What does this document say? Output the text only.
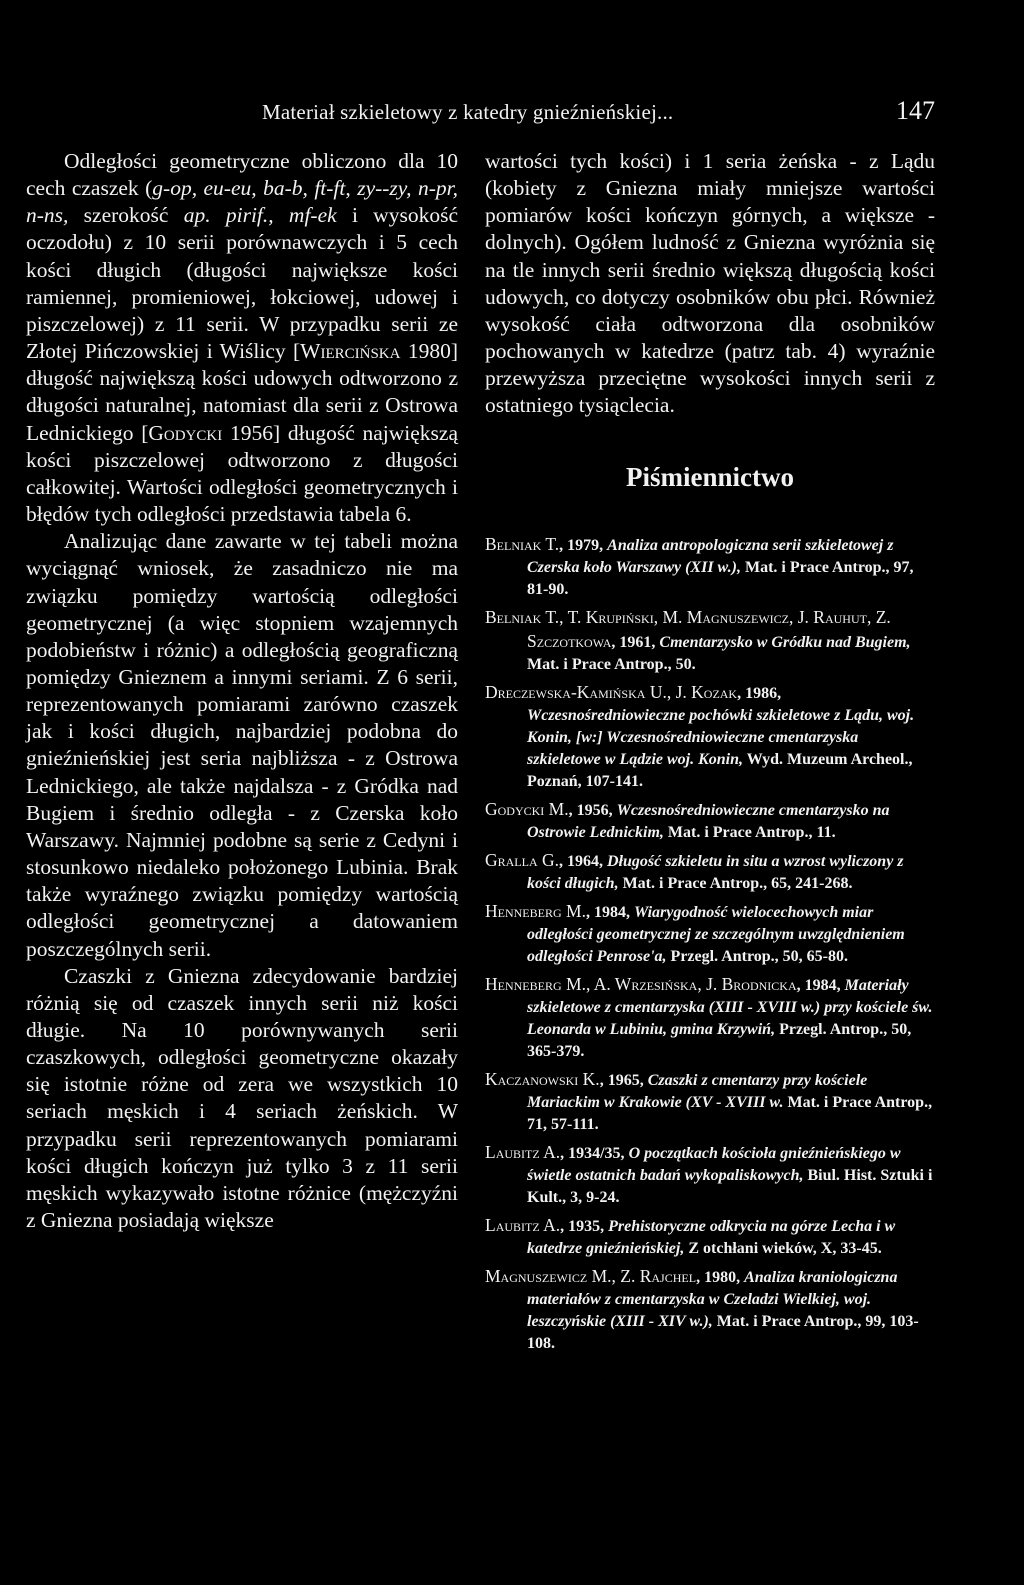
Materiał szkieletowy z katedry gnieźnieńskiej...	147

Odległości geometryczne obliczono dla 10 cech czaszek (g-op, eu-eu, ba-b, ft-ft, zy--zy, n-pr, n-ns, szerokość ap. pirif., mf-ek i wysokość oczodołu) z 10 serii porównawczych i 5 cech kości długich (długości największe kości ramiennej, promieniowej, łokciowej, udowej i piszczelowej) z 11 serii. W przypadku serii ze Złotej Pińczowskiej i Wiślicy [Wiercińska 1980] długość największą kości udowych odtworzono z długości naturalnej, natomiast dla serii z Ostrowa Lednickiego [Godycki 1956] długość największą kości piszczelowej odtworzono z długości całkowitej. Wartości odległości geometrycznych i błędów tych odległości przedstawia tabela 6.

Analizując dane zawarte w tej tabeli można wyciągnąć wniosek, że zasadniczo nie ma związku pomiędzy wartością odległości geometrycznej (a więc stopniem wzajemnych podobieństw i różnic) a odległością geograficzną pomiędzy Gnieznem a innymi seriami. Z 6 serii, reprezentowanych pomiarami zarówno czaszek jak i kości długich, najbardziej podobna do gnieźnieńskiej jest seria najbliższa - z Ostrowa Lednickiego, ale także najdalsza - z Gródka nad Bugiem i średnio odległa - z Czerska koło Warszawy. Najmniej podobne są serie z Cedyni i stosunkowo niedaleko położonego Lubinia. Brak także wyraźnego związku pomiędzy wartością odległości geometrycznej a datowaniem poszczególnych serii.

Czaszki z Gniezna zdecydowanie bardziej różnią się od czaszek innych serii niż kości długie. Na 10 porównywanych serii czaszkowych, odległości geometryczne okazały się istotnie różne od zera we wszystkich 10 seriach męskich i 4 seriach żeńskich. W przypadku serii reprezentowanych pomiarami kości długich kończyn już tylko 3 z 11 serii męskich wykazywało istotne różnice (mężczyźni z Gniezna posiadają większe

wartości tych kości) i 1 seria żeńska - z Lądu (kobiety z Gniezna miały mniejsze wartości pomiarów kości kończyn górnych, a większe - dolnych). Ogółem ludność z Gniezna wyróżnia się na tle innych serii średnio większą długością kości udowych, co dotyczy osobników obu płci. Również wysokość ciała odtworzona dla osobników pochowanych w katedrze (patrz tab. 4) wyraźnie przewyższa przeciętne wysokości innych serii z ostatniego tysiąclecia.

Piśmiennictwo
Belniak T., 1979, Analiza antropologiczna serii szkieletowej z Czerska koło Warszawy (XII w.), Mat. i Prace Antrop., 97, 81-90.
Belniak T., T. Krupiński, M. Magnuszewicz, J. Rauhut, Z. Szczotkowa, 1961, Cmentarzysko w Gródku nad Bugiem, Mat. i Prace Antrop., 50.
Dreczewska-Kamińska U., J. Kozak, 1986, Wczesnośredniowieczne pochówki szkieletowe z Lądu, woj. Konin, [w:] Wczesnośredniowieczne cmentarzyska szkieletowe w Lądzie woj. Konin, Wyd. Muzeum Archeol., Poznań, 107-141.
Godycki M., 1956, Wczesnośredniowieczne cmentarzysko na Ostrowie Lednickim, Mat. i Prace Antrop., 11.
Gralla G., 1964, Długość szkieletu in situ a wzrost wyliczony z kości długich, Mat. i Prace Antrop., 65, 241-268.
Henneberg M., 1984, Wiarygodność wielocechowych miar odległości geometrycznej ze szczególnym uwzględnieniem odległości Penrose'a, Przegl. Antrop., 50, 65-80.
Henneberg M., A. Wrzesińska, J. Brodnicka, 1984, Materiały szkieletowe z cmentarzyska (XIII - XVIII w.) przy kościele św. Leonarda w Lubiniu, gmina Krzywiń, Przegl. Antrop., 50, 365-379.
Kaczanowski K., 1965, Czaszki z cmentarzy przy kościele Mariackim w Krakowie (XV - XVIII w. Mat. i Prace Antrop., 71, 57-111.
Laubitz A., 1934/35, O początkach kościoła gnieźnieńskiego w świetle ostatnich badań wykopaliskowych, Biul. Hist. Sztuki i Kult., 3, 9-24.
Laubitz A., 1935, Prehistoryczne odkrycia na górze Lecha i w katedrze gnieźnieńskiej, Z otchłani wieków, X, 33-45.
Magnuszewicz M., Z. Rajchel, 1980, Analiza kraniologiczna materiałów z cmentarzyska w Czeladzi Wielkiej, woj. leszczyńskie (XIII - XIV w.), Mat. i Prace Antrop., 99, 103-108.
